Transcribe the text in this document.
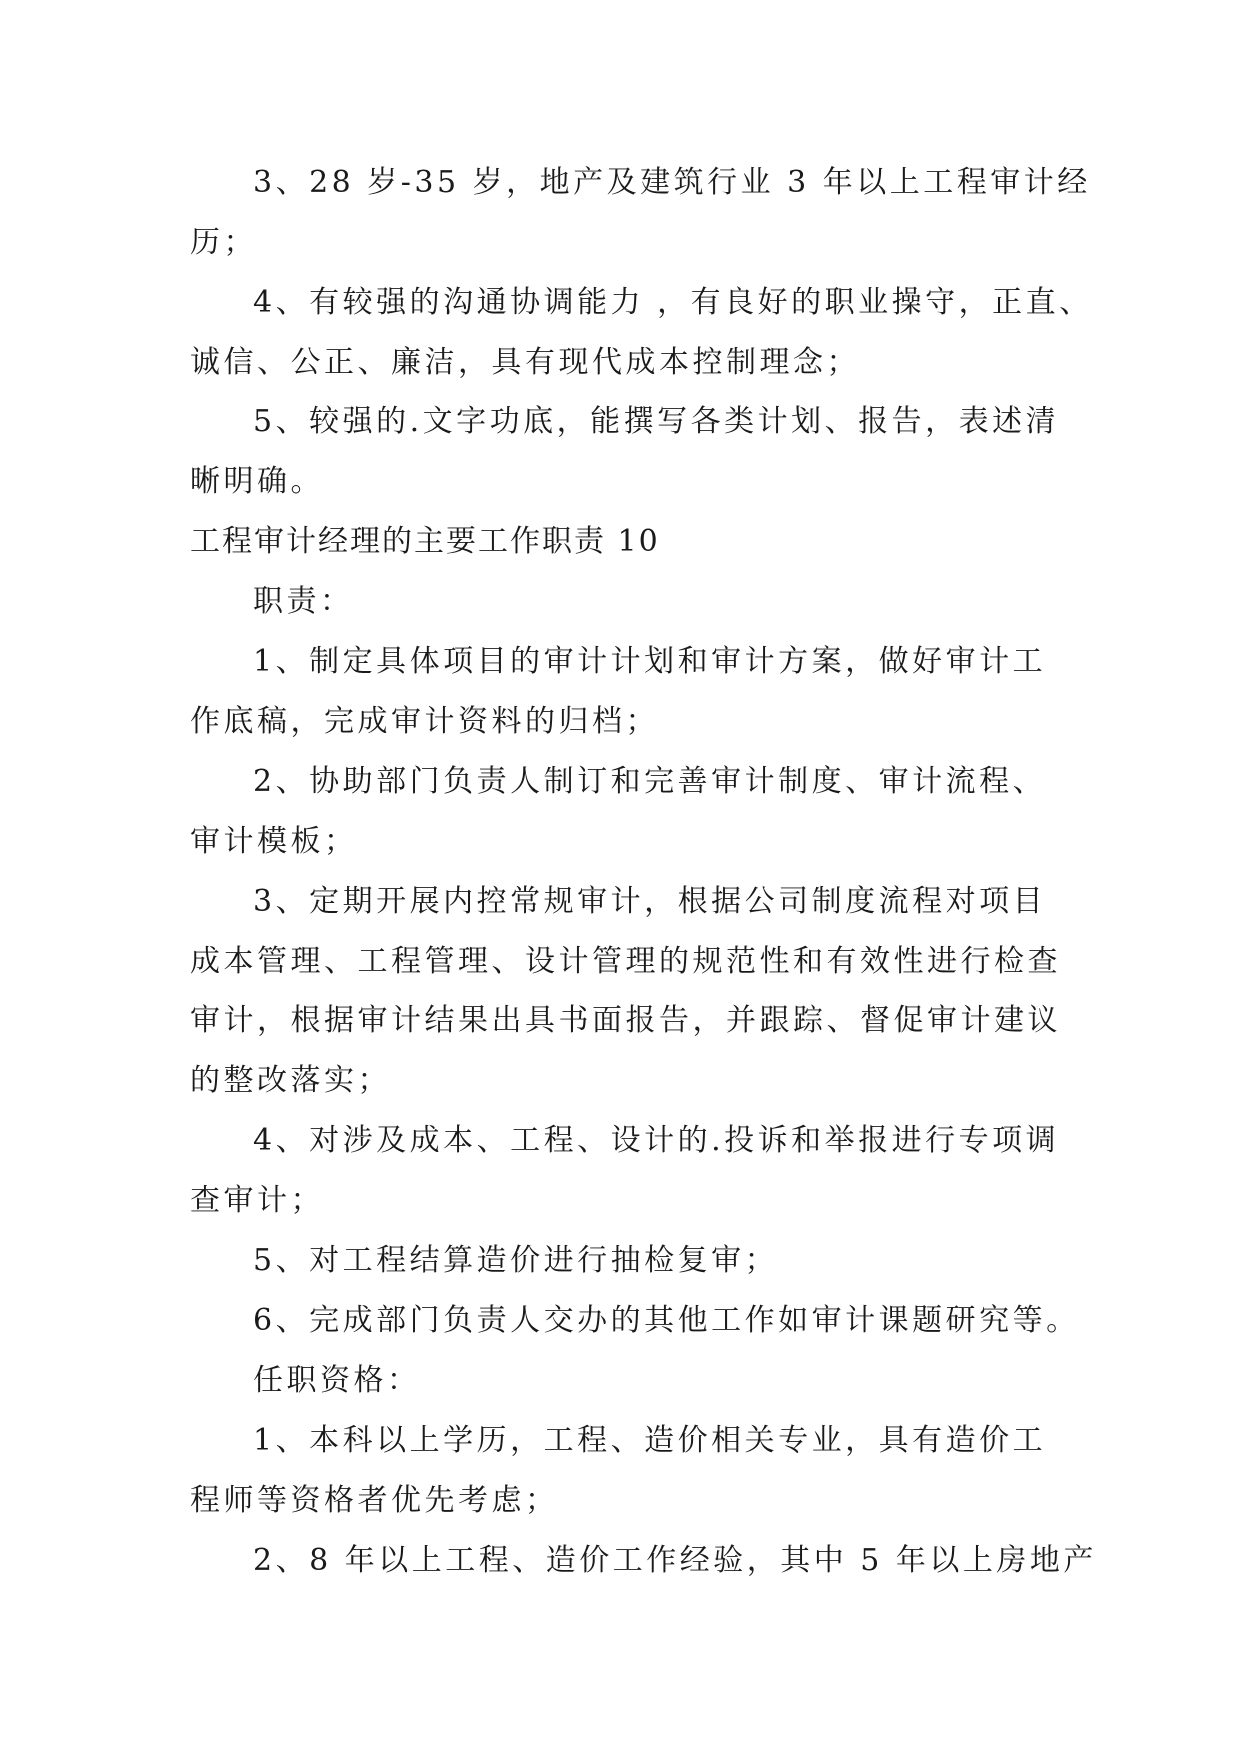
3、28 岁-35 岁，地产及建筑行业 3 年以上工程审计经

历；

4、有较强的沟通协调能力 ，有良好的职业操守，正直、

诚信、公正、廉洁，具有现代成本控制理念；

5、较强的.文字功底，能撰写各类计划、报告，表述清

晰明确。

工程审计经理的主要工作职责 10

职责：

1、制定具体项目的审计计划和审计方案，做好审计工

作底稿，完成审计资料的归档；

2、协助部门负责人制订和完善审计制度、审计流程、

审计模板；

3、定期开展内控常规审计，根据公司制度流程对项目

成本管理、工程管理、设计管理的规范性和有效性进行检查

审计，根据审计结果出具书面报告，并跟踪、督促审计建议

的整改落实；

4、对涉及成本、工程、设计的.投诉和举报进行专项调

查审计；

5、对工程结算造价进行抽检复审；

6、完成部门负责人交办的其他工作如审计课题研究等。

任职资格：

1、本科以上学历，工程、造价相关专业，具有造价工

程师等资格者优先考虑；

2、8 年以上工程、造价工作经验，其中 5 年以上房地产
